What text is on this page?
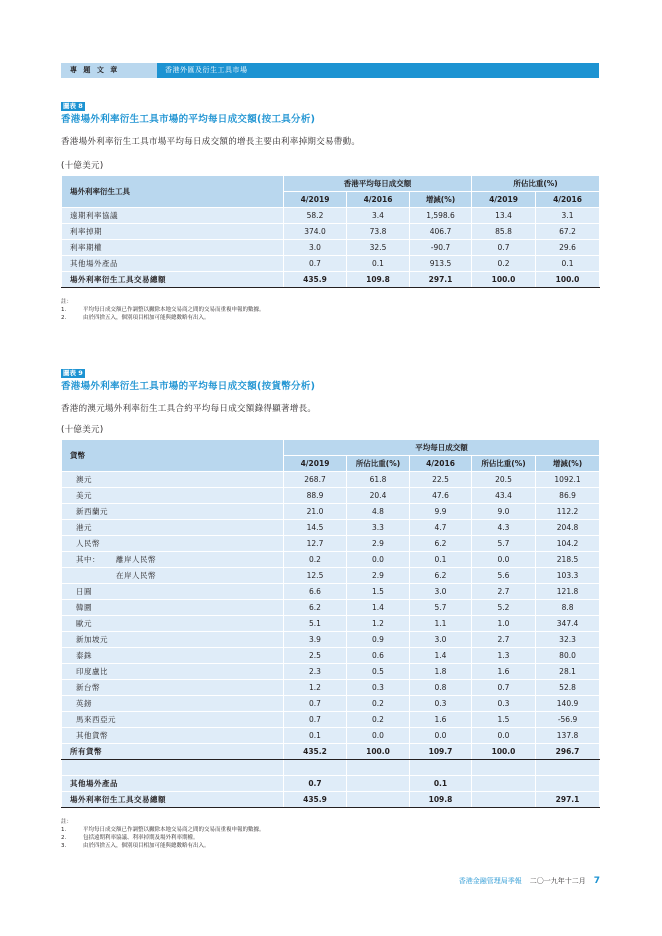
專 題 文 章	香港外匯及衍生工具市場
圖表 8
香港場外利率衍生工具市場的平均每日成交額(按工具分析)
香港場外利率衍生工具市場平均每日成交額的增長主要由利率掉期交易帶動。
(十億美元)
場外利率衍生工具	香港平均每日成交額			所佔比重(%)	
	4/2019	4/2016	增減(%)	4/2019	4/2016
遠期利率協議	58.2	3.4	1,598.6	13.4	3.1
利率掉期	374.0	73.8	406.7	85.8	67.2
利率期權	3.0	32.5	-90.7	0.7	29.6
其他場外產品	0.7	0.1	913.5	0.2	0.1
場外利率衍生工具交易總額	435.9	109.8	297.1	100.0	100.0
註：
1.	平均每日成交額已作調整以撇除本地交易商之間的交易而重複申報的數據。
2.	由於四捨五入，個別項目相加可能與總數略有出入。
圖表 9
香港場外利率衍生工具市場的平均每日成交額(按貨幣分析)
香港的澳元場外利率衍生工具合約平均每日成交額錄得顯著增長。
(十億美元)
貨幣	平均每日成交額				
	4/2019	所佔比重(%)	4/2016	所佔比重(%)	增減(%)
澳元	268.7	61.8	22.5	20.5	1092.1
美元	88.9	20.4	47.6	43.4	86.9
新西蘭元	21.0	4.8	9.9	9.0	112.2
港元	14.5	3.3	4.7	4.3	204.8
人民幣	12.7	2.9	6.2	5.7	104.2
其中： 離岸人民幣	0.2	0.0	0.1	0.0	218.5
在岸人民幣	12.5	2.9	6.2	5.6	103.3
日圓	6.6	1.5	3.0	2.7	121.8
韓圜	6.2	1.4	5.7	5.2	8.8
歐元	5.1	1.2	1.1	1.0	347.4
新加坡元	3.9	0.9	3.0	2.7	32.3
泰銖	2.5	0.6	1.4	1.3	80.0
印度盧比	2.3	0.5	1.8	1.6	28.1
新台幣	1.2	0.3	0.8	0.7	52.8
英鎊	0.7	0.2	0.3	0.3	140.9
馬來西亞元	0.7	0.2	1.6	1.5	-56.9
其他貨幣	0.1	0.0	0.0	0.0	137.8
所有貨幣	435.2	100.0	109.7	100.0	296.7

其他場外產品	0.7		0.1		
場外利率衍生工具交易總額	435.9		109.8		297.1
註：
1.	平均每日成交額已作調整以撇除本地交易商之間的交易而重複申報的數據。
2.	包括遠期利率協議、利率掉期及場外利率期權。
3.	由於四捨五入，個別項目相加可能與總數略有出入。
香港金融管理局季報 二〇一九年十二月 7
